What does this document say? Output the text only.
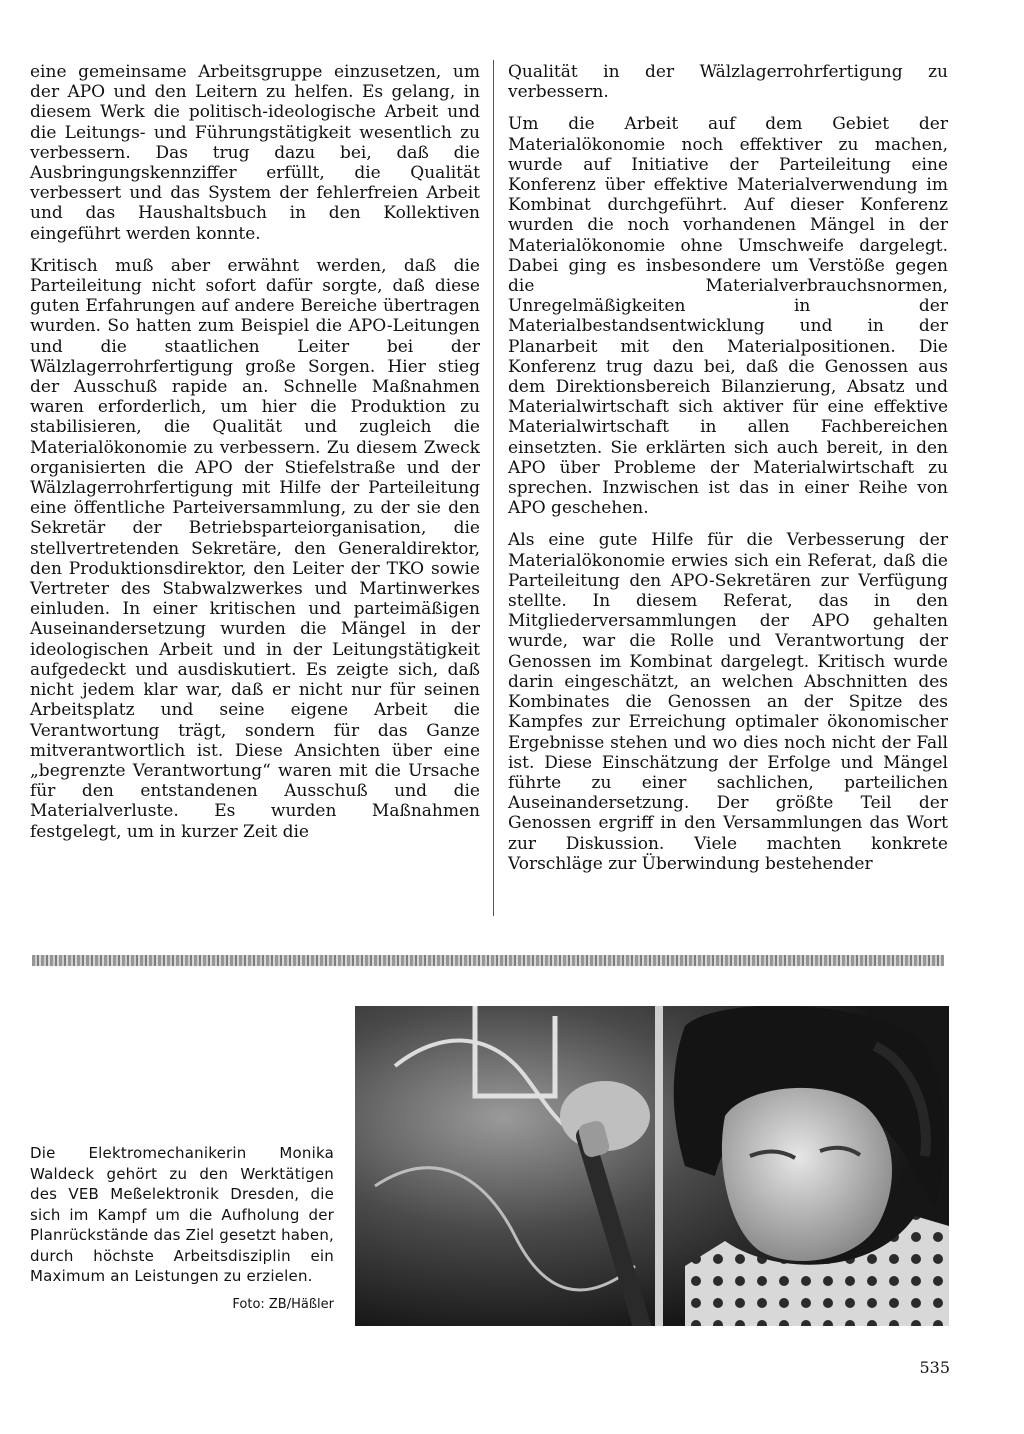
eine gemeinsame Arbeitsgruppe einzusetzen, um der APO und den Leitern zu helfen. Es gelang, in diesem Werk die politisch-ideologische Arbeit und die Leitungs- und Führungstätigkeit wesentlich zu verbessern. Das trug dazu bei, daß die Ausbringungskennziffer erfüllt, die Qualität verbessert und das System der fehlerfreien Arbeit und das Haushaltsbuch in den Kollektiven eingeführt werden konnte.

Kritisch muß aber erwähnt werden, daß die Parteileitung nicht sofort dafür sorgte, daß diese guten Erfahrungen auf andere Bereiche übertragen wurden. So hatten zum Beispiel die APO-Leitungen und die staatlichen Leiter bei der Wälzlagerrohrfertigung große Sorgen. Hier stieg der Ausschuß rapide an. Schnelle Maßnahmen waren erforderlich, um hier die Produktion zu stabilisieren, die Qualität und zugleich die Materialökonomie zu verbessern. Zu diesem Zweck organisierten die APO der Stiefelstraße und der Wälzlagerrohrfertigung mit Hilfe der Parteileitung eine öffentliche Parteiversammlung, zu der sie den Sekretär der Betriebsparteiorganisation, die stellvertretenden Sekretäre, den Generaldirektor, den Produktionsdirektor, den Leiter der TKO sowie Vertreter des Stabwalzwerkes und Martinwerkes einluden. In einer kritischen und parteimäßigen Auseinandersetzung wurden die Mängel in der ideologischen Arbeit und in der Leitungstätigkeit aufgedeckt und ausdiskutiert. Es zeigte sich, daß nicht jedem klar war, daß er nicht nur für seinen Arbeitsplatz und seine eigene Arbeit die Verantwortung trägt, sondern für das Ganze mitverantwortlich ist. Diese Ansichten über eine „begrenzte Verantwortung“ waren mit die Ursache für den entstandenen Ausschuß und die Materialverluste. Es wurden Maßnahmen festgelegt, um in kurzer Zeit die

Qualität in der Wälzlagerrohrfertigung zu verbessern.

Um die Arbeit auf dem Gebiet der Materialökonomie noch effektiver zu machen, wurde auf Initiative der Parteileitung eine Konferenz über effektive Materialverwendung im Kombinat durchgeführt. Auf dieser Konferenz wurden die noch vorhandenen Mängel in der Materialökonomie ohne Umschweife dargelegt. Dabei ging es insbesondere um Verstöße gegen die Materialverbrauchsnormen, Unregelmäßigkeiten in der Materialbestandsentwicklung und in der Planarbeit mit den Materialpositionen. Die Konferenz trug dazu bei, daß die Genossen aus dem Direktionsbereich Bilanzierung, Absatz und Materialwirtschaft sich aktiver für eine effektive Materialwirtschaft in allen Fachbereichen einsetzten. Sie erklärten sich auch bereit, in den APO über Probleme der Materialwirtschaft zu sprechen. Inzwischen ist das in einer Reihe von APO geschehen.

Als eine gute Hilfe für die Verbesserung der Materialökonomie erwies sich ein Referat, daß die Parteileitung den APO-Sekretären zur Verfügung stellte. In diesem Referat, das in den Mitgliederversammlungen der APO gehalten wurde, war die Rolle und Verantwortung der Genossen im Kombinat dargelegt. Kritisch wurde darin eingeschätzt, an welchen Abschnitten des Kombinates die Genossen an der Spitze des Kampfes zur Erreichung optimaler ökonomischer Ergebnisse stehen und wo dies noch nicht der Fall ist. Diese Einschätzung der Erfolge und Mängel führte zu einer sachlichen, parteilichen Auseinandersetzung. Der größte Teil der Genossen ergriff in den Versammlungen das Wort zur Diskussion. Viele machten konkrete Vorschläge zur Überwindung bestehender

Die Elektromechanikerin Monika Waldeck gehört zu den Werktätigen des VEB Meßelektronik Dresden, die sich im Kampf um die Aufholung der Planrückstände das Ziel gesetzt haben, durch höchste Arbeitsdisziplin ein Maximum an Leistungen zu erzielen.
Foto: ZB/Häßler
535
